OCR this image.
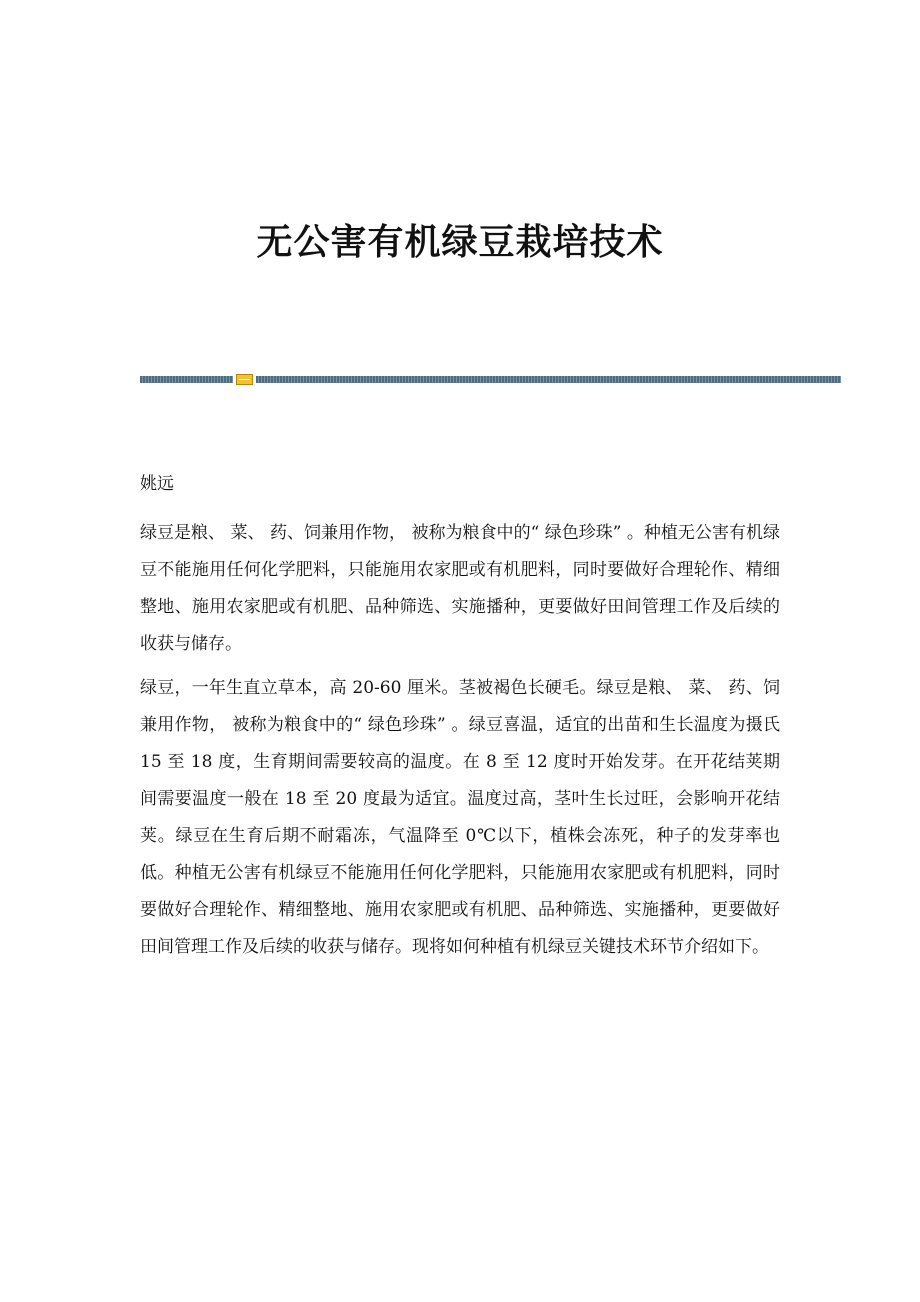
无公害有机绿豆栽培技术

姚远

绿豆是粮、 菜、 药、饲兼用作物， 被称为粮食中的“ 绿色珍珠” 。种植无公害有机绿豆不能施用任何化学肥料，只能施用农家肥或有机肥料，同时要做好合理轮作、精细整地、施用农家肥或有机肥、品种筛选、实施播种，更要做好田间管理工作及后续的收获与储存。

绿豆，一年生直立草本，高 20-60 厘米。茎被褐色长硬毛。绿豆是粮、 菜、 药、饲兼用作物， 被称为粮食中的“ 绿色珍珠” 。绿豆喜温，适宜的出苗和生长温度为摄氏 15 至 18 度，生育期间需要较高的温度。在 8 至 12 度时开始发芽。在开花结荚期间需要温度一般在 18 至 20 度最为适宜。温度过高，茎叶生长过旺，会影响开花结荚。绿豆在生育后期不耐霜冻，气温降至 0℃以下，植株会冻死，种子的发芽率也低。种植无公害有机绿豆不能施用任何化学肥料，只能施用农家肥或有机肥料，同时要做好合理轮作、精细整地、施用农家肥或有机肥、品种筛选、实施播种，更要做好田间管理工作及后续的收获与储存。现将如何种植有机绿豆关键技术环节介绍如下。
